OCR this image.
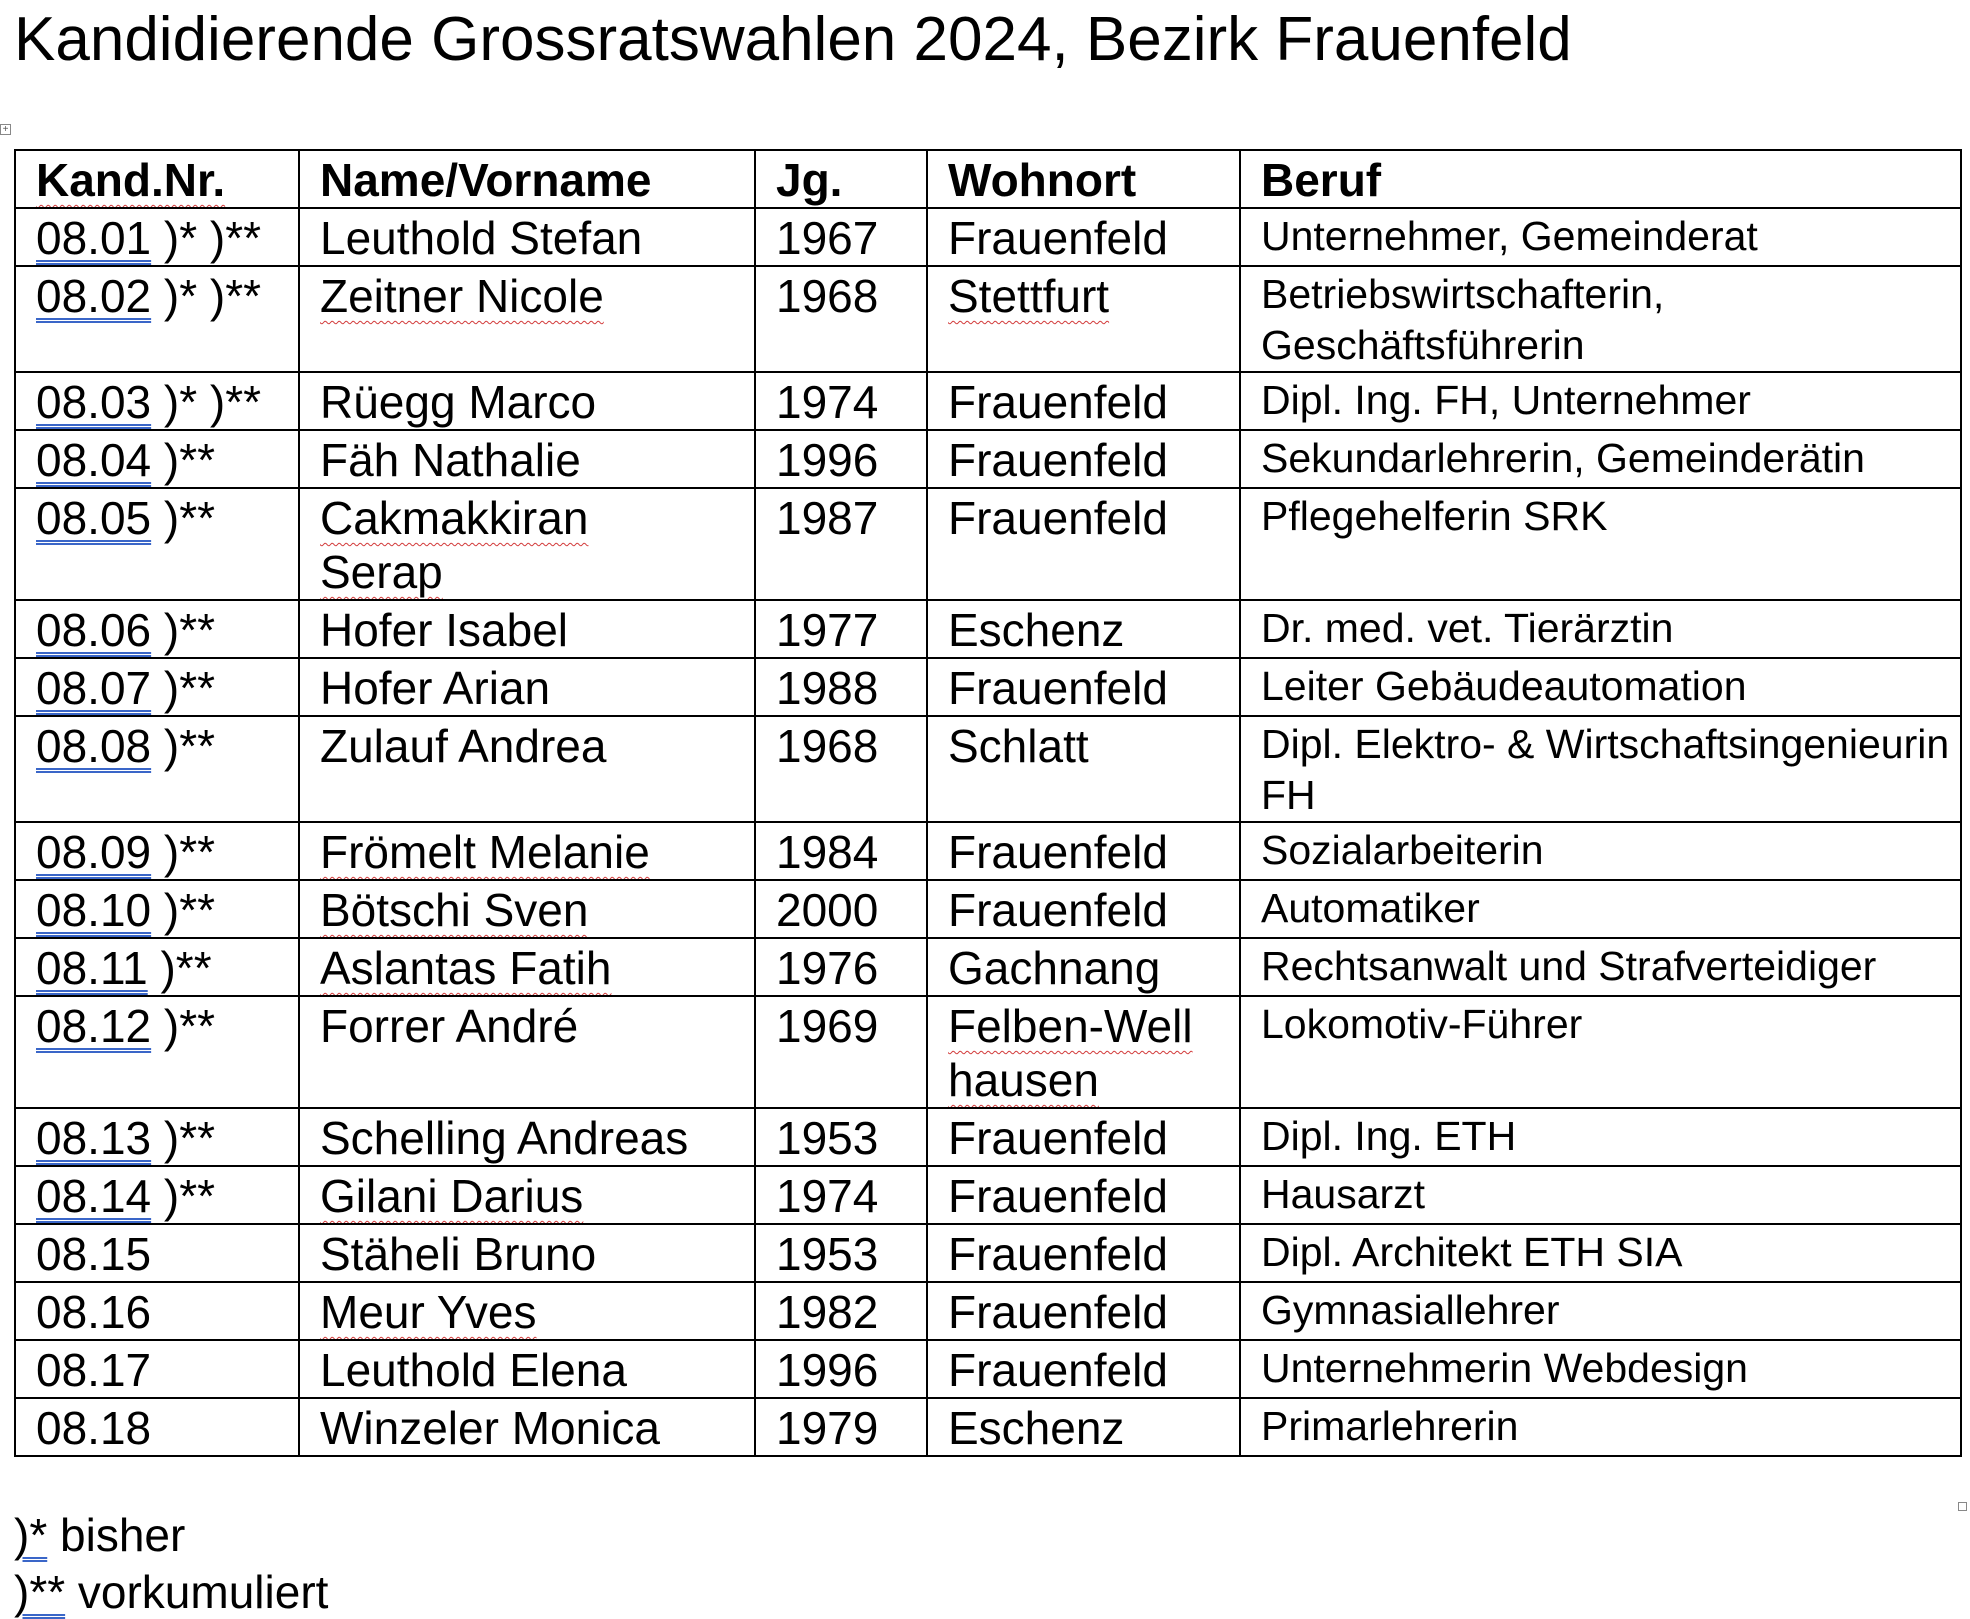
Kandidierende Grossratswahlen 2024, Bezirk Frauenfeld
+
Kand.Nr.	Name/Vorname	Jg.	Wohnort	Beruf
08.01 )* )**	Leuthold Stefan	1967	Frauenfeld	Unternehmer, Gemeinderat
08.02 )* )**	Zeitner Nicole	1968	Stettfurt	Betriebswirtschafterin, Geschäftsführerin
08.03 )* )**	Rüegg Marco	1974	Frauenfeld	Dipl. Ing. FH, Unternehmer
08.04 )**	Fäh Nathalie	1996	Frauenfeld	Sekundarlehrerin, Gemeinderätin
08.05 )**	Cakmakkiran Serap	1987	Frauenfeld	Pflegehelferin SRK
08.06 )**	Hofer Isabel	1977	Eschenz	Dr. med. vet. Tierärztin
08.07 )**	Hofer Arian	1988	Frauenfeld	Leiter Gebäudeautomation
08.08 )**	Zulauf Andrea	1968	Schlatt	Dipl. Elektro- & Wirtschaftsingenieurin FH
08.09 )**	Frömelt Melanie	1984	Frauenfeld	Sozialarbeiterin
08.10 )**	Bötschi Sven	2000	Frauenfeld	Automatiker
08.11 )**	Aslantas Fatih	1976	Gachnang	Rechtsanwalt und Strafverteidiger
08.12 )**	Forrer André	1969	Felben-Wellhausen	Lokomotiv-Führer
08.13 )**	Schelling Andreas	1953	Frauenfeld	Dipl. Ing. ETH
08.14 )**	Gilani Darius	1974	Frauenfeld	Hausarzt
08.15	Stäheli Bruno	1953	Frauenfeld	Dipl. Architekt ETH SIA
08.16	Meur Yves	1982	Frauenfeld	Gymnasiallehrer
08.17	Leuthold Elena	1996	Frauenfeld	Unternehmerin Webdesign
08.18	Winzeler Monica	1979	Eschenz	Primarlehrerin
)* bisher
)** vorkumuliert
